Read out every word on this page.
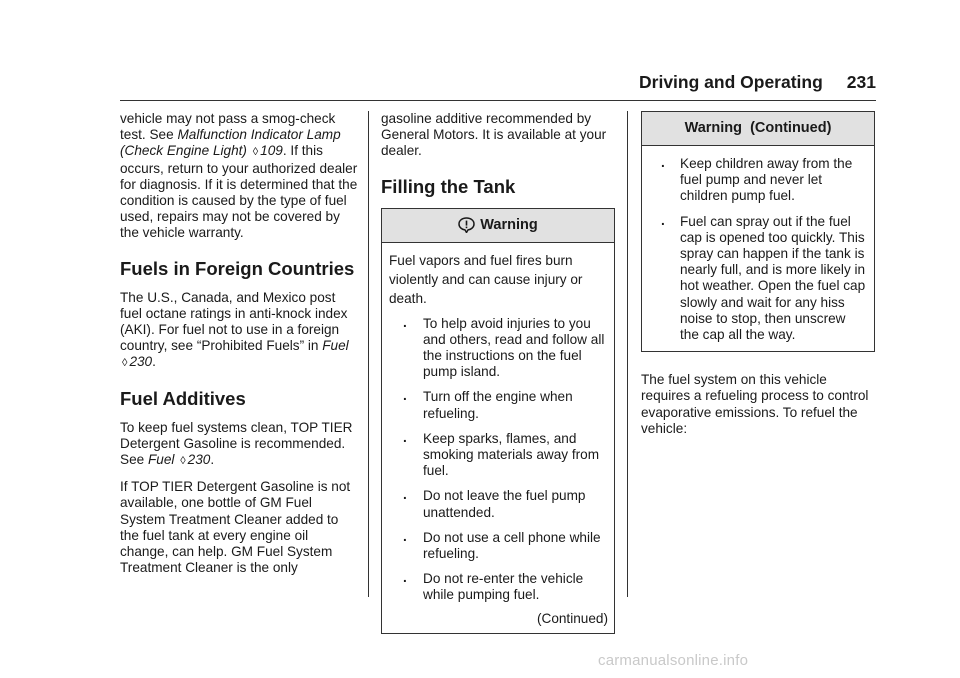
Driving and Operating 231

vehicle may not pass a smog-check test. See Malfunction Indicator Lamp (Check Engine Light) ◊ 109. If this occurs, return to your authorized dealer for diagnosis. If it is determined that the condition is caused by the type of fuel used, repairs may not be covered by the vehicle warranty.

Fuels in Foreign Countries

The U.S., Canada, and Mexico post fuel octane ratings in anti-knock index (AKI). For fuel not to use in a foreign country, see “Prohibited Fuels” in Fuel ◊ 230.

Fuel Additives

To keep fuel systems clean, TOP TIER Detergent Gasoline is recommended. See Fuel ◊ 230.

If TOP TIER Detergent Gasoline is not available, one bottle of GM Fuel System Treatment Cleaner added to the fuel tank at every engine oil change, can help. GM Fuel System Treatment Cleaner is the only

gasoline additive recommended by General Motors. It is available at your dealer.

Filling the Tank
Warning

Fuel vapors and fuel fires burn violently and can cause injury or death.

. To help avoid injuries to you and others, read and follow all the instructions on the fuel pump island.
. Turn off the engine when refueling.
. Keep sparks, flames, and smoking materials away from fuel.
. Do not leave the fuel pump unattended.
. Do not use a cell phone while refueling.
. Do not re-enter the vehicle while pumping fuel.
(Continued)
Warning  (Continued)
. Keep children away from the fuel pump and never let children pump fuel.
. Fuel can spray out if the fuel cap is opened too quickly. This spray can happen if the tank is nearly full, and is more likely in hot weather. Open the fuel cap slowly and wait for any hiss noise to stop, then unscrew the cap all the way.

The fuel system on this vehicle requires a refueling process to control evaporative emissions. To refuel the vehicle:

carmanualsonline.info
